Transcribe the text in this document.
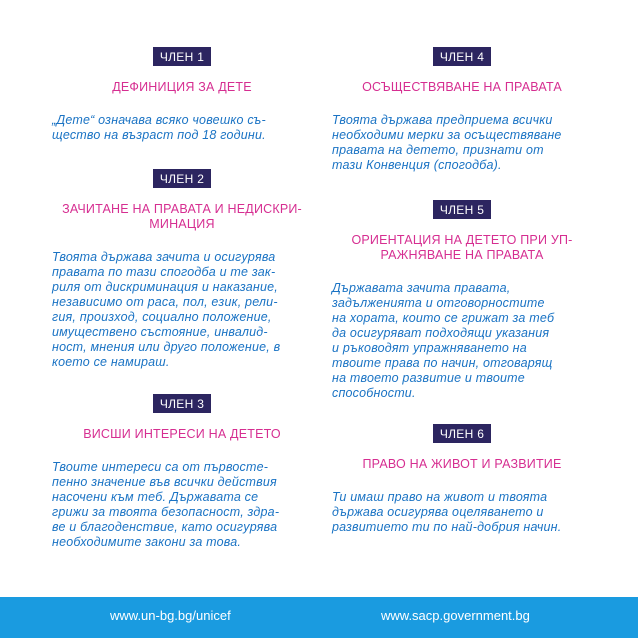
ЧЛЕН 1
ДЕФИНИЦИЯ ЗА ДЕТЕ
„Дете“ означава всяко човешко съ-
щество на възраст под 18 години.
ЧЛЕН 2
ЗАЧИТАНЕ НА ПРАВАТА И НЕДИСКРИ-
МИНАЦИЯ
Твоята държава зачита и осигурява
правата по тази спогодба и те зак-
риля от дискриминация и наказание,
независимо от раса, пол, език, рели-
гия, произход, социално положение,
имуществено състояние, инвалид-
ност, мнения или друго положение, в
което се намираш.
ЧЛЕН 3
ВИСШИ ИНТЕРЕСИ НА ДЕТЕТО
Твоите интереси са от първосте-
пенно значение във всички действия
насочени към теб. Държавата се
грижи за твоята безопасност, здра-
ве и благоденствие, като осигурява
необходимите закони за това.
ЧЛЕН 4
ОСЪЩЕСТВЯВАНЕ НА ПРАВАТА
Твоята държава предприема всички
необходими мерки за осъществяване
правата на детето, признати от
тази Конвенция (спогодба).
ЧЛЕН 5
ОРИЕНТАЦИЯ НА ДЕТЕТО ПРИ УП-
РАЖНЯВАНЕ НА ПРАВАТА
Държавата зачита правата,
задълженията и отговорностите
на хората, които се грижат за теб
да осигуряват подходящи указания
и ръководят упражняването на
твоите права по начин, отговарящ
на твоето развитие и твоите
способности.
ЧЛЕН 6
ПРАВО НА ЖИВОТ И РАЗВИТИЕ
Ти имаш право на живот и твоята
държава осигурява оцеляването и
развитието ти по най-добрия начин.
www.un-bg.bg/unicef	www.sacp.government.bg
